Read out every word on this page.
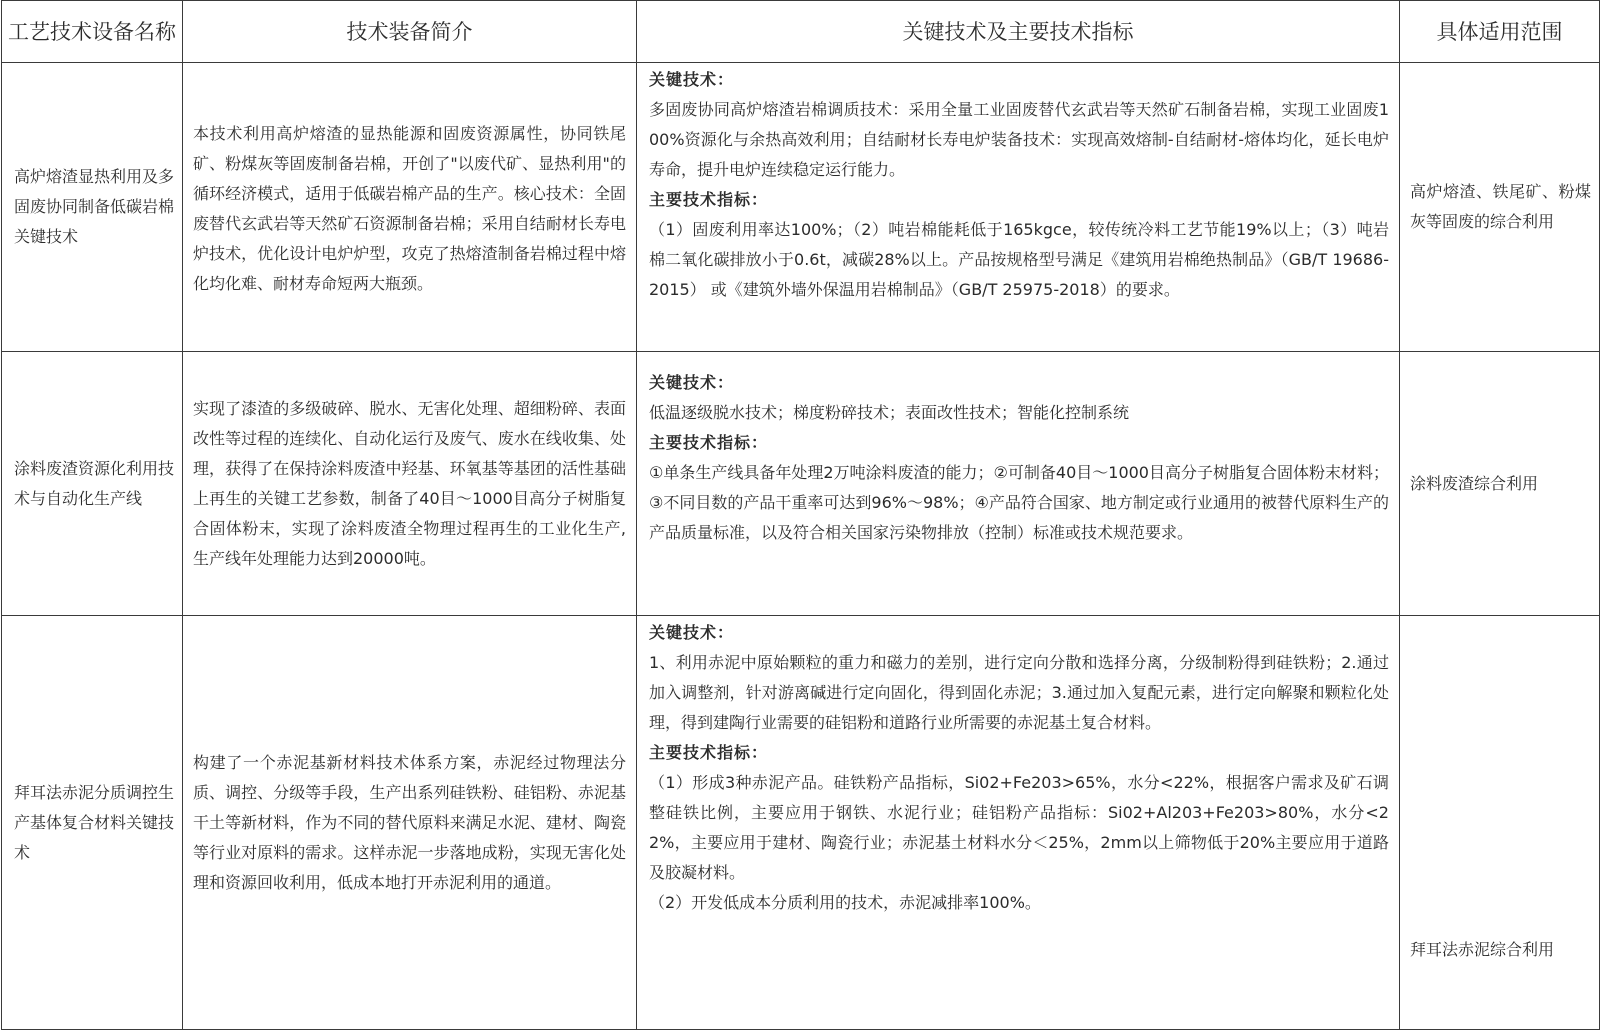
工艺技术设备名称	技术装备简介	关键技术及主要技术指标	具体适用范围
高炉熔渣显热利用及多固废协同制备低碳岩棉关键技术	本技术利用高炉熔渣的显热能源和固废资源属性，协同铁尾矿、粉煤灰等固废制备岩棉，开创了"以废代矿、显热利用"的循环经济模式，适用于低碳岩棉产品的生产。核心技术：全固废替代玄武岩等天然矿石资源制备岩棉；采用自结耐材长寿电炉技术，优化设计电炉炉型，攻克了热熔渣制备岩棉过程中熔化均化难、耐材寿命短两大瓶颈。	关键技术：
多固废协同高炉熔渣岩棉调质技术：采用全量工业固废替代玄武岩等天然矿石制备岩棉，实现工业固废100%资源化与余热高效利用；自结耐材长寿电炉装备技术：实现高效熔制-自结耐材-熔体均化，延长电炉寿命，提升电炉连续稳定运行能力。
主要技术指标：
（1）固废利用率达100%；（2）吨岩棉能耗低于165kgce，较传统冷料工艺节能19%以上；（3）吨岩棉二氧化碳排放小于0.6t，减碳28%以上。产品按规格型号满足《建筑用岩棉绝热制品》（GB/T 19686-2015） 或《建筑外墙外保温用岩棉制品》（GB/T 25975-2018）的要求。	高炉熔渣、铁尾矿、粉煤灰等固废的综合利用
涂料废渣资源化利用技术与自动化生产线	实现了漆渣的多级破碎、脱水、无害化处理、超细粉碎、表面改性等过程的连续化、自动化运行及废气、废水在线收集、处理，获得了在保持涂料废渣中羟基、环氧基等基团的活性基础上再生的关键工艺参数，制备了40目～1000目高分子树脂复合固体粉末，实现了涂料废渣全物理过程再生的工业化生产,生产线年处理能力达到20000吨。	关键技术：
低温逐级脱水技术；梯度粉碎技术；表面改性技术；智能化控制系统
主要技术指标：
①单条生产线具备年处理2万吨涂料废渣的能力；②可制备40目～1000目高分子树脂复合固体粉末材料；③不同目数的产品干重率可达到96%～98%；④产品符合国家、地方制定或行业通用的被替代原料生产的产品质量标准，以及符合相关国家污染物排放（控制）标准或技术规范要求。	涂料废渣综合利用
拜耳法赤泥分质调控生产基体复合材料关键技术	构建了一个赤泥基新材料技术体系方案，赤泥经过物理法分质、调控、分级等手段，生产出系列硅铁粉、硅铝粉、赤泥基干土等新材料，作为不同的替代原料来满足水泥、建材、陶瓷等行业对原料的需求。这样赤泥一步落地成粉，实现无害化处理和资源回收利用，低成本地打开赤泥利用的通道。	关键技术：
1、利用赤泥中原始颗粒的重力和磁力的差别，进行定向分散和选择分离，分级制粉得到硅铁粉；2.通过加入调整剂，针对游离碱进行定向固化，得到固化赤泥；3.通过加入复配元素，进行定向解聚和颗粒化处理，得到建陶行业需要的硅铝粉和道路行业所需要的赤泥基土复合材料。
主要技术指标：
（1）形成3种赤泥产品。硅铁粉产品指标，Si02+Fe203>65%，水分<22%，根据客户需求及矿石调整硅铁比例，主要应用于钢铁、水泥行业；硅铝粉产品指标：Si02+Al203+Fe203>80%，水分<22%，主要应用于建材、陶瓷行业；赤泥基土材料水分＜25%，2mm以上筛物低于20%主要应用于道路及胶凝材料。
（2）开发低成本分质利用的技术，赤泥减排率100%。	拜耳法赤泥综合利用
